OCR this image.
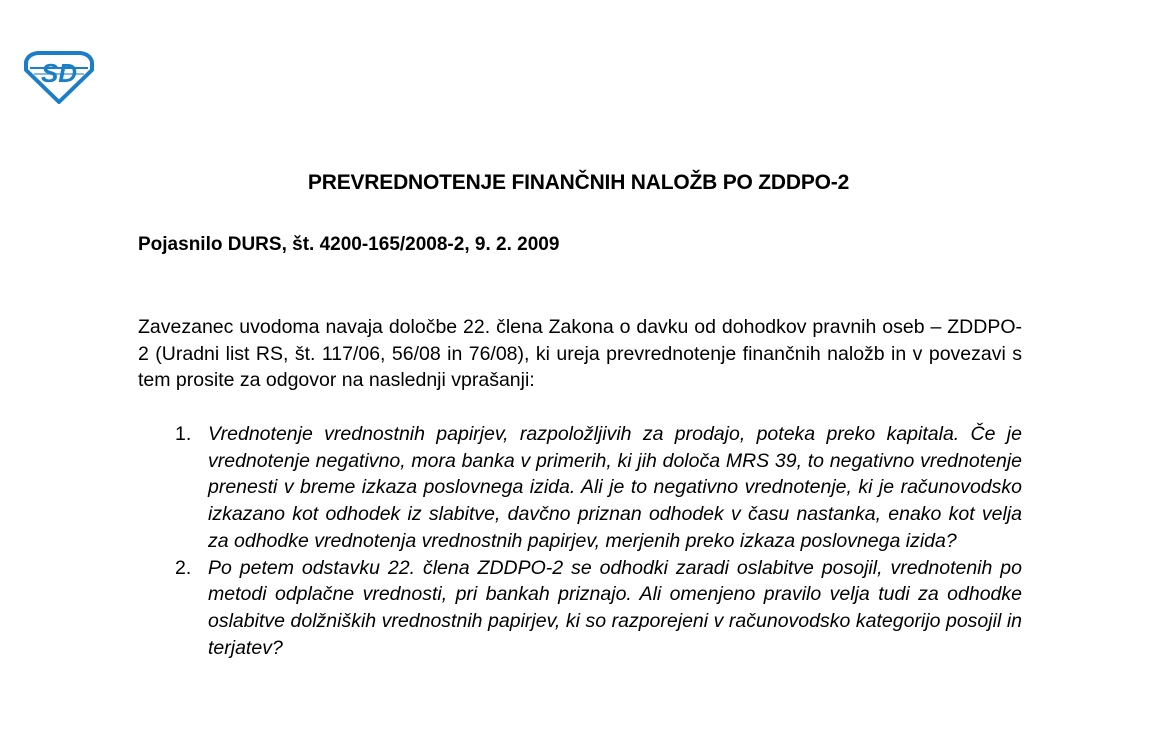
SD
PREVREDNOTENJE FINANČNIH NALOŽB PO ZDDPO-2
Pojasnilo DURS, št. 4200-165/2008-2, 9. 2. 2009

Zavezanec uvodoma navaja določbe 22. člena Zakona o davku od dohodkov pravnih oseb – ZDDPO-2 (Uradni list RS, št. 117/06, 56/08 in 76/08), ki ureja prevrednotenje finančnih naložb in v povezavi s tem prosite za odgovor na naslednji vprašanji:

1. Vrednotenje vrednostnih papirjev, razpoložljivih za prodajo, poteka preko kapitala. Če je vrednotenje negativno, mora banka v primerih, ki jih določa MRS 39, to negativno vrednotenje prenesti v breme izkaza poslovnega izida. Ali je to negativno vrednotenje, ki je računovodsko izkazano kot odhodek iz slabitve, davčno priznan odhodek v času nastanka, enako kot velja za odhodke vrednotenja vrednostnih papirjev, merjenih preko izkaza poslovnega izida?
2. Po petem odstavku 22. člena ZDDPO-2 se odhodki zaradi oslabitve posojil, vrednotenih po metodi odplačne vrednosti, pri bankah priznajo. Ali omenjeno pravilo velja tudi za odhodke oslabitve dolžniških vrednostnih papirjev, ki so razporejeni v računovodsko kategorijo posojil in terjatev?
